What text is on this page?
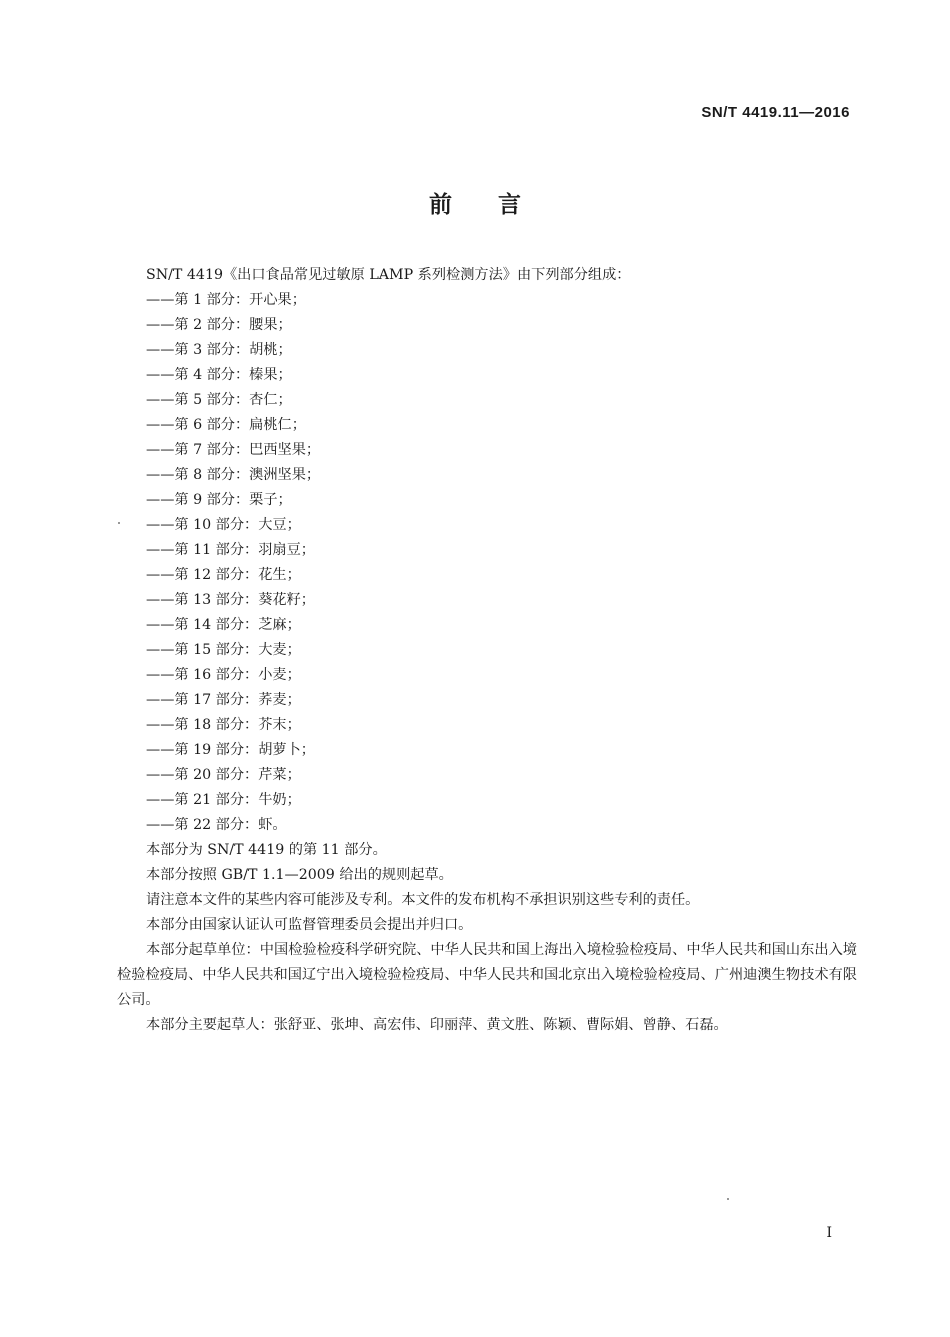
SN/T 4419.11—2016
前言
SN/T 4419《出口食品常见过敏原 LAMP 系列检测方法》由下列部分组成：
——第 1 部分：开心果；
——第 2 部分：腰果；
——第 3 部分：胡桃；
——第 4 部分：榛果；
——第 5 部分：杏仁；
——第 6 部分：扁桃仁；
——第 7 部分：巴西坚果；
——第 8 部分：澳洲坚果；
——第 9 部分：栗子；
——第 10 部分：大豆；
——第 11 部分：羽扇豆；
——第 12 部分：花生；
——第 13 部分：葵花籽；
——第 14 部分：芝麻；
——第 15 部分：大麦；
——第 16 部分：小麦；
——第 17 部分：荞麦；
——第 18 部分：芥末；
——第 19 部分：胡萝卜；
——第 20 部分：芹菜；
——第 21 部分：牛奶；
——第 22 部分：虾。
本部分为 SN/T 4419 的第 11 部分。
本部分按照 GB/T 1.1—2009 给出的规则起草。
请注意本文件的某些内容可能涉及专利。本文件的发布机构不承担识别这些专利的责任。
本部分由国家认证认可监督管理委员会提出并归口。
本部分起草单位：中国检验检疫科学研究院、中华人民共和国上海出入境检验检疫局、中华人民共和国山东出入境检验检疫局、中华人民共和国辽宁出入境检验检疫局、中华人民共和国北京出入境检验检疫局、广州迪澳生物技术有限公司。
本部分主要起草人：张舒亚、张坤、高宏伟、印丽萍、黄文胜、陈颖、曹际娟、曾静、石磊。
I
